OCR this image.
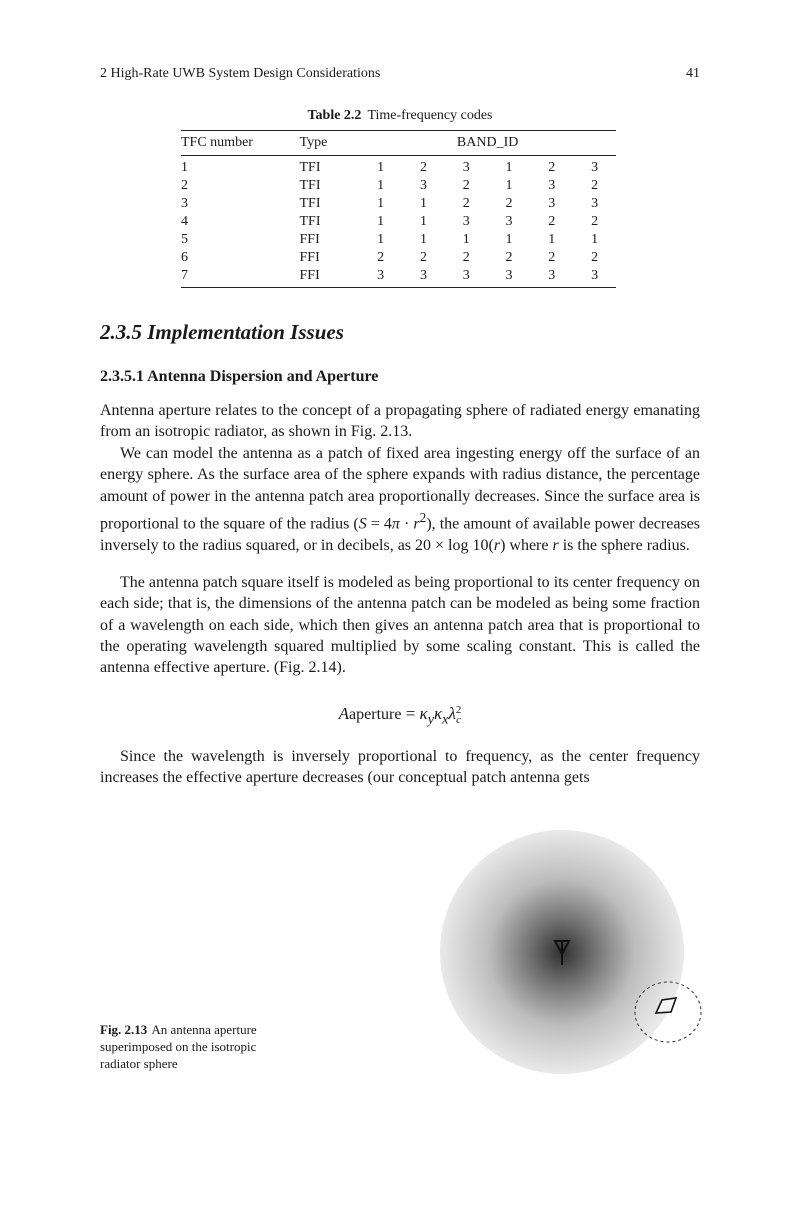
2 High-Rate UWB System Design Considerations	41
Table 2.2 Time-frequency codes
TFC number	Type	BAND_ID					
1	TFI	1	2	3	1	2	3
2	TFI	1	3	2	1	3	2
3	TFI	1	1	2	2	3	3
4	TFI	1	1	3	3	2	2
5	FFI	1	1	1	1	1	1
6	FFI	2	2	2	2	2	2
7	FFI	3	3	3	3	3	3
2.3.5 Implementation Issues
2.3.5.1 Antenna Dispersion and Aperture

Antenna aperture relates to the concept of a propagating sphere of radiated energy emanating from an isotropic radiator, as shown in Fig. 2.13.

We can model the antenna as a patch of fixed area ingesting energy off the surface of an energy sphere. As the surface area of the sphere expands with radius distance, the percentage amount of power in the antenna patch area proportionally decreases. Since the surface area is proportional to the square of the radius $(S = 4\pi \cdot r^2)$, the amount of available power decreases inversely to the radius squared, or in decibels, as 20 × log 10(r) where r is the sphere radius.

The antenna patch square itself is modeled as being proportional to its center frequency on each side; that is, the dimensions of the antenna patch can be modeled as being some fraction of a wavelength on each side, which then gives an antenna patch area that is proportional to the operating wavelength squared multiplied by some scaling constant. This is called the antenna effective aperture. (Fig. 2.14).

Aaperture = $\kappa_y\kappa_x\lambda$ 2
c

Since the wavelength is inversely proportional to frequency, as the center frequency increases the effective aperture decreases (our conceptual patch antenna gets

Fig. 2.13 An antenna aperture superimposed on the isotropic radiator sphere
